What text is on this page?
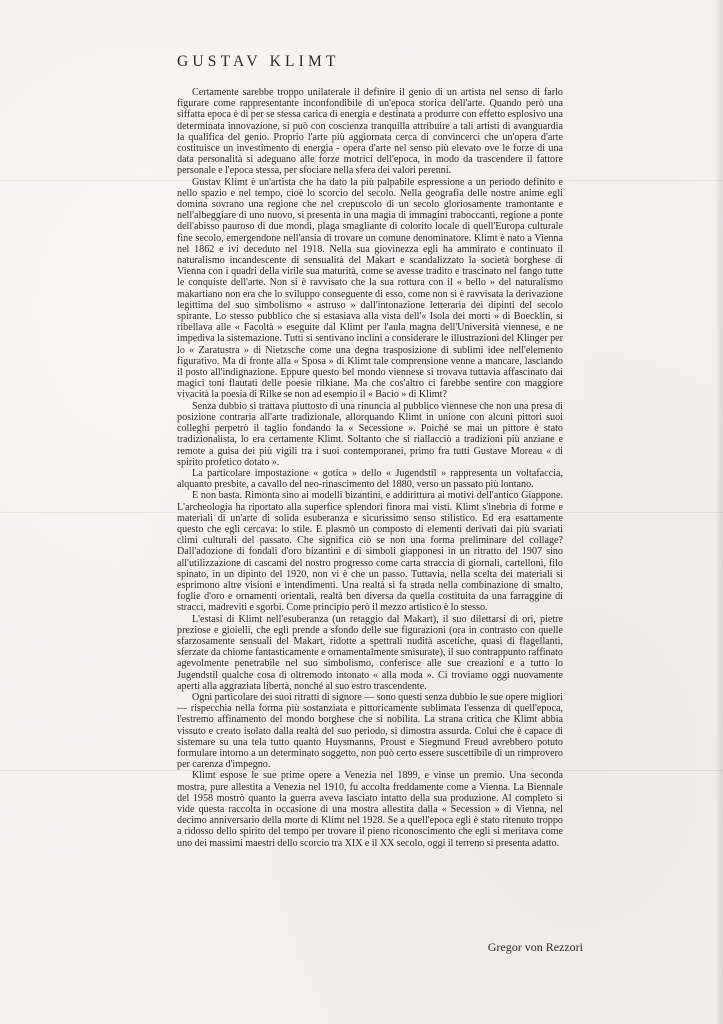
GUSTAV KLIMT

Certamente sarebbe troppo unilaterale il definire il genio di un artista nel senso di farlo figurare come rappresentante inconfondibile di un'epoca storica dell'arte. Quando però una siffatta epoca è di per se stessa carica di energia e destinata a produrre con effetto esplosivo una determinata innovazione, si può con coscienza tranquilla attribuire a tali artisti di avanguardia la qualifica del genio. Proprio l'arte più aggiornata cerca di convincerci che un'opera d'arte costituisce un investimento di energia - opera d'arte nel senso più elevato ove le forze di una data personalità si adeguano alle forze motrici dell'epoca, in modo da trascendere il fattore personale e l'epoca stessa, per sfociare nella sfera dei valori perenni.

Gustav Klimt è un'artista che ha dato la più palpabile espressione a un periodo definito e nello spazio e nel tempo, cioè lo scorcio del secolo. Nella geografia delle nostre anime egli domina sovrano una regione che nel crepuscolo di un secolo gloriosamente tramontante e nell'albeggiare di uno nuovo, si presenta in una magia di immagini traboccanti, regione a ponte dell'abisso pauroso di due mondi, plaga smagliante di colorito locale di quell'Europa culturale fine secolo, emergendone nell'ansia di trovare un comune denominatore. Klimt è nato a Vienna nel 1862 e ivi deceduto nel 1918. Nella sua giovinezza egli ha ammirato e continuato il naturalismo incandescente di sensualità del Makart e scandalizzato la società borghese di Vienna con i quadri della virile sua maturità, come se avesse tradito e trascinato nel fango tutte le conquiste dell'arte. Non si è ravvisato che la sua rottura con il « bello » del naturalismo makartiano non era che lo sviluppo conseguente di esso, come non si è ravvisata la derivazione legittima del suo simbolismo « astruso » dall'intonazione letteraria dei dipinti del secolo spirante. Lo stesso pubblico che si estasiava alla vista dell'« Isola dei morti » di Boecklin, si ribellava alle « Facoltà » eseguite dal Klimt per l'aula magna dell'Università viennese, e ne impediva la sistemazione. Tutti si sentivano inclini a considerare le illustrazioni del Klinger per lo « Zaratustra » di Nietzsche come una degna trasposizione di sublimi idee nell'elemento figurativo. Ma di fronte alla « Sposa » di Klimt tale comprensione venne a mancare, lasciando il posto all'indignazione. Eppure questo bel mondo viennese si trovava tuttavia affascinato dai magici toni flautati delle poesie rilkiane. Ma che cos'altro ci farebbe sentire con maggiore vivacità la poesia di Rilke se non ad esempio il « Bacio » di Klimt?

Senza dubbio si trattava piuttosto di una rinuncia al pubblico viennese che non una presa di posizione contraria all'arte tradizionale, allorquando Klimt in unione con alcuni pittori suoi colleghi perpetrò il taglio fondando la « Secessione ». Poiché se mai un pittore è stato tradizionalista, lo era certamente Klimt. Soltanto che si riallacciò a tradizioni più anziane e remote a guisa dei più vigili tra i suoi contemporanei, primo fra tutti Gustave Moreau « di spirito profetico dotato ».

La particolare impostazione « gotica » dello « Jugendstil » rappresenta un voltafaccia, alquanto presbite, a cavallo del neo-rinascimento del 1880, verso un passato più lontano.

E non basta. Rimonta sino ai modelli bizantini, e addirittura ai motivi dell'antico Giappone. L'archeologia ha riportato alla superfice splendori finora mai visti. Klimt s'inebria di forme e materiali di un'arte di solida esuberanza e sicurissimo senso stilistico. Ed era esattamente questo che egli cercava: lo stile. E plasmò un composto di elementi derivati dai più svariati climi culturali del passato. Che significa ciò se non una forma preliminare del collage? Dall'adozione di fondali d'oro bizantini e di simboli giapponesi in un ritratto del 1907 sino all'utilizzazione di cascami del nostro progresso come carta straccia di giornali, cartelloni, filo spinato, in un dipinto del 1920, non vi è che un passo. Tuttavia, nella scelta dei materiali si esprimono altre visioni e intendimenti. Una realtà si fa strada nella combinazione di smalto, foglie d'oro e ornamenti orientali, realtà ben diversa da quella costituita da una farraggine di stracci, madreviti e sgorbi. Come principio però il mezzo artistico è lo stesso.

L'estasi di Klimt nell'esuberanza (un retaggio dal Makart), il suo dilettarsi di ori, pietre preziose e gioielli, che egli prende a sfondo delle sue figurazioni (ora in contrasto con quelle sfarzosamente sensuali del Makart, ridotte a spettrali nudità ascetiche, quasi di flagellanti, sferzate da chiome fantasticamente e ornamentalmente smisurate), il suo contrappunto raffinato agevolmente penetrabile nel suo simbolismo, conferisce alle sue creazioni e a tutto lo Jugendstil qualche cosa di oltremodo intonato « alla moda ». Ci troviamo oggi nuovamente aperti alla aggraziata libertà, nonché al suo estro trascendente.

Ogni particolare dei suoi ritratti di signore — sono questi senza dubbio le sue opere migliori — rispecchia nella forma più sostanziata e pittoricamente sublimata l'essenza di quell'epoca, l'estremo affinamento del mondo borghese che si nobilita. La strana critica che Klimt abbia vissuto e creato isolato dalla realtà del suo periodo, si dimostra assurda. Colui che è capace di sistemare su una tela tutto quanto Huysmanns, Proust e Siegmund Freud avrebbero potuto formulare intorno a un determinato soggetto, non può certo essere suscettibile di un rimprovero per carenza d'impegno.

Klimt espose le sue prime opere a Venezia nel 1899, e vinse un premio. Una seconda mostra, pure allestita a Venezia nel 1910, fu accolta freddamente come a Vienna. La Biennale del 1958 mostrò quanto la guerra aveva lasciato intatto della sua produzione. Al completo si vide questa raccolta in occasione di una mostra allestita dalla « Secession » di Vienna, nel decimo anniversario della morte di Klimt nel 1928. Se a quell'epoca egli è stato ritenuto troppo a ridosso dello spirito del tempo per trovare il pieno riconoscimento che egli si meritava come uno dei massimi maestri dello scorcio tra XIX e il XX secolo, oggi il terreno si presenta adatto.

Gregor von Rezzori
